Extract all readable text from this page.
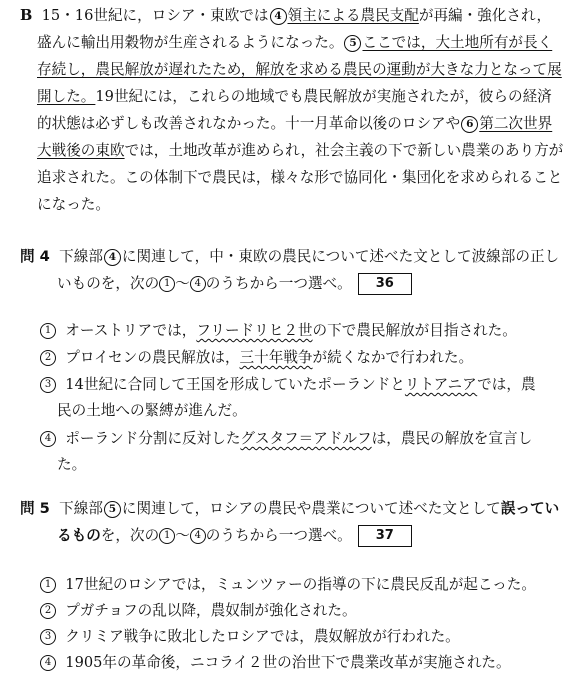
B 15・16世紀に，ロシア・東欧では 4 領主による農民支配が再編・強化され，
盛んに輸出用穀物が生産されるようになった。 5 ここでは，大土地所有が長く
存続し，農民解放が遅れたため，解放を求める農民の運動が大きな力となって展
開した。19世紀には，これらの地域でも農民解放が実施されたが，彼らの経済
的状態は必ずしも改善されなかった。十一月革命以後のロシアや 6 第二次世界
大戦後の東欧では，土地改革が進められ，社会主義の下で新しい農業のあり方が
追求された。この体制下で農民は，様々な形で協同化・集団化を求められること
になった。
問 4 下線部 4 に関連して，中・東欧の農民について述べた文として波線部の正し
いものを，次の 1 〜 4 のうちから一つ選べ。 36
1 オーストリアでは，フリードリヒ２世の下で農民解放が目指された。
2 プロイセンの農民解放は，三十年戦争が続くなかで行われた。
3 14世紀に合同して王国を形成していたポーランドとリトアニアでは，農
民の土地への緊縛が進んだ。
4 ポーランド分割に反対したグスタフ＝アドルフは，農民の解放を宣言し
た。
問 5 下線部 5 に関連して，ロシアの農民や農業について述べた文として誤ってい
るものを，次の 1 〜 4 のうちから一つ選べ。 37
1 17世紀のロシアでは，ミュンツァーの指導の下に農民反乱が起こった。
2 プガチョフの乱以降，農奴制が強化された。
3 クリミア戦争に敗北したロシアでは，農奴解放が行われた。
4 1905年の革命後，ニコライ２世の治世下で農業改革が実施された。
